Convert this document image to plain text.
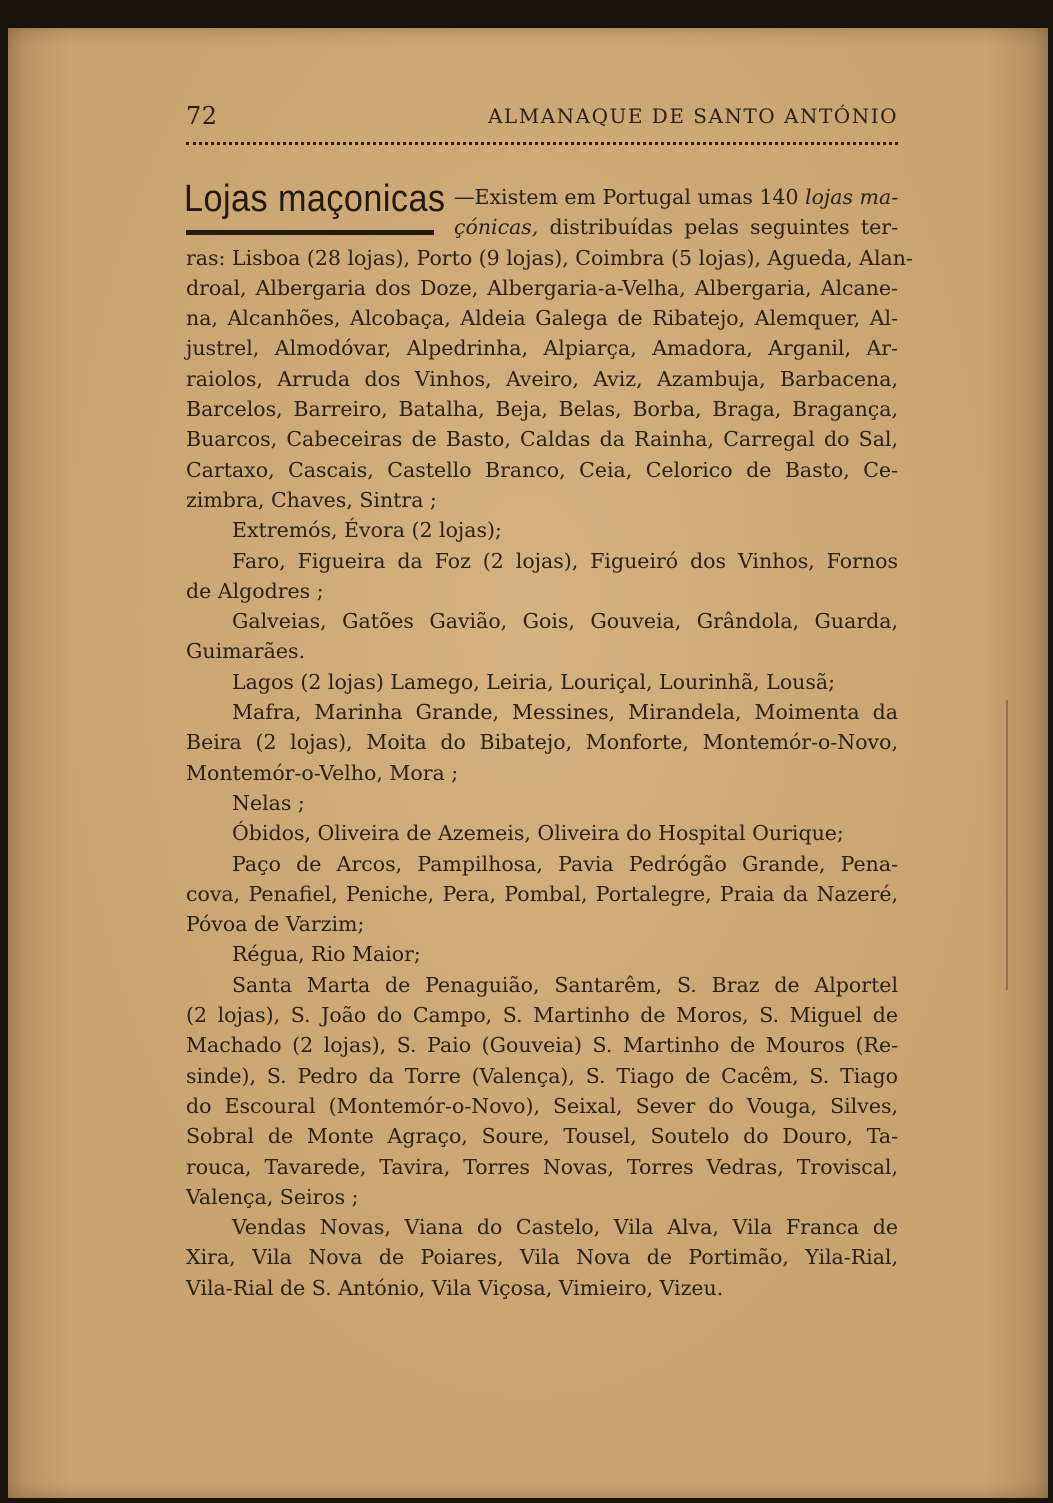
72	ALMANAQUE DE SANTO ANTÓNIO
Lojas maçonicas —Existem em Portugal umas 140 lojas ma-
çónicas, distribuídas pelas seguintes ter-
ras: Lisboa (28 lojas), Porto (9 lojas), Coimbra (5 lojas), Agueda, Alan-
droal, Albergaria dos Doze, Albergaria-a-Velha, Albergaria, Alcane-
na, Alcanhões, Alcobaça, Aldeia Galega de Ribatejo, Alemquer, Al-
justrel, Almodóvar, Alpedrinha, Alpiarça, Amadora, Arganil, Ar-
raiolos, Arruda dos Vinhos, Aveiro, Aviz, Azambuja, Barbacena,
Barcelos, Barreiro, Batalha, Beja, Belas, Borba, Braga, Bragança,
Buarcos, Cabeceiras de Basto, Caldas da Rainha, Carregal do Sal,
Cartaxo, Cascais, Castello Branco, Ceia, Celorico de Basto, Ce-
zimbra, Chaves, Sintra ;
Extremós, Évora (2 lojas);
Faro, Figueira da Foz (2 lojas), Figueiró dos Vinhos, Fornos
de Algodres ;
Galveias, Gatões Gavião, Gois, Gouveia, Grândola, Guarda,
Guimarães.
Lagos (2 lojas) Lamego, Leiria, Louriçal, Lourinhã, Lousã;
Mafra, Marinha Grande, Messines, Mirandela, Moimenta da
Beira (2 lojas), Moita do Bibatejo, Monforte, Montemór-o-Novo,
Montemór-o-Velho, Mora ;
Nelas ;
Óbidos, Oliveira de Azemeis, Oliveira do Hospital Ourique;
Paço de Arcos, Pampilhosa, Pavia Pedrógão Grande, Pena-
cova, Penafiel, Peniche, Pera, Pombal, Portalegre, Praia da Nazeré,
Póvoa de Varzim;
Régua, Rio Maior;
Santa Marta de Penaguião, Santarêm, S. Braz de Alportel
(2 lojas), S. João do Campo, S. Martinho de Moros, S. Miguel de
Machado (2 lojas), S. Paio (Gouveia) S. Martinho de Mouros (Re-
sinde), S. Pedro da Torre (Valença), S. Tiago de Cacêm, S. Tiago
do Escoural (Montemór-o-Novo), Seixal, Sever do Vouga, Silves,
Sobral de Monte Agraço, Soure, Tousel, Soutelo do Douro, Ta-
rouca, Tavarede, Tavira, Torres Novas, Torres Vedras, Troviscal,
Valença, Seiros ;
Vendas Novas, Viana do Castelo, Vila Alva, Vila Franca de
Xira, Vila Nova de Poiares, Vila Nova de Portimão, Yila-Rial,
Vila-Rial de S. António, Vila Viçosa, Vimieiro, Vizeu.
